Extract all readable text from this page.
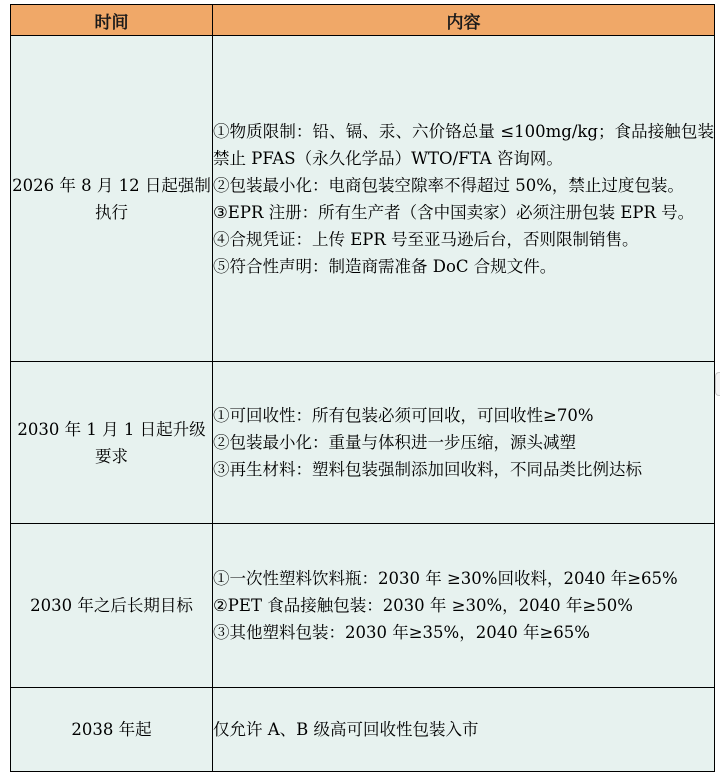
时间	内容
2026 年 8 月 12 日起强制执行	①物质限制：铅、镉、汞、六价铬总量 ≤100mg/kg；食品接触包装禁止 PFAS（永久化学品）WTO/FTA 咨询网。
②包装最小化：电商包装空隙率不得超过 50%，禁止过度包装。
③EPR 注册：所有生产者（含中国卖家）必须注册包装 EPR 号。
④合规凭证：上传 EPR 号至亚马逊后台，否则限制销售。
⑤符合性声明：制造商需准备 DoC 合规文件。

2030 年 1 月 1 日起升级要求	①可回收性：所有包装必须可回收，可回收性≥70%
②包装最小化：重量与体积进一步压缩，源头减塑
③再生材料：塑料包装强制添加回收料，不同品类比例达标

2030 年之后长期目标	①一次性塑料饮料瓶：2030 年 ≥30%回收料，2040 年≥65%
②PET 食品接触包装：2030 年 ≥30%，2040 年≥50%
③其他塑料包装：2030 年≥35%，2040 年≥65%

2038 年起	仅允许 A、B 级高可回收性包装入市
